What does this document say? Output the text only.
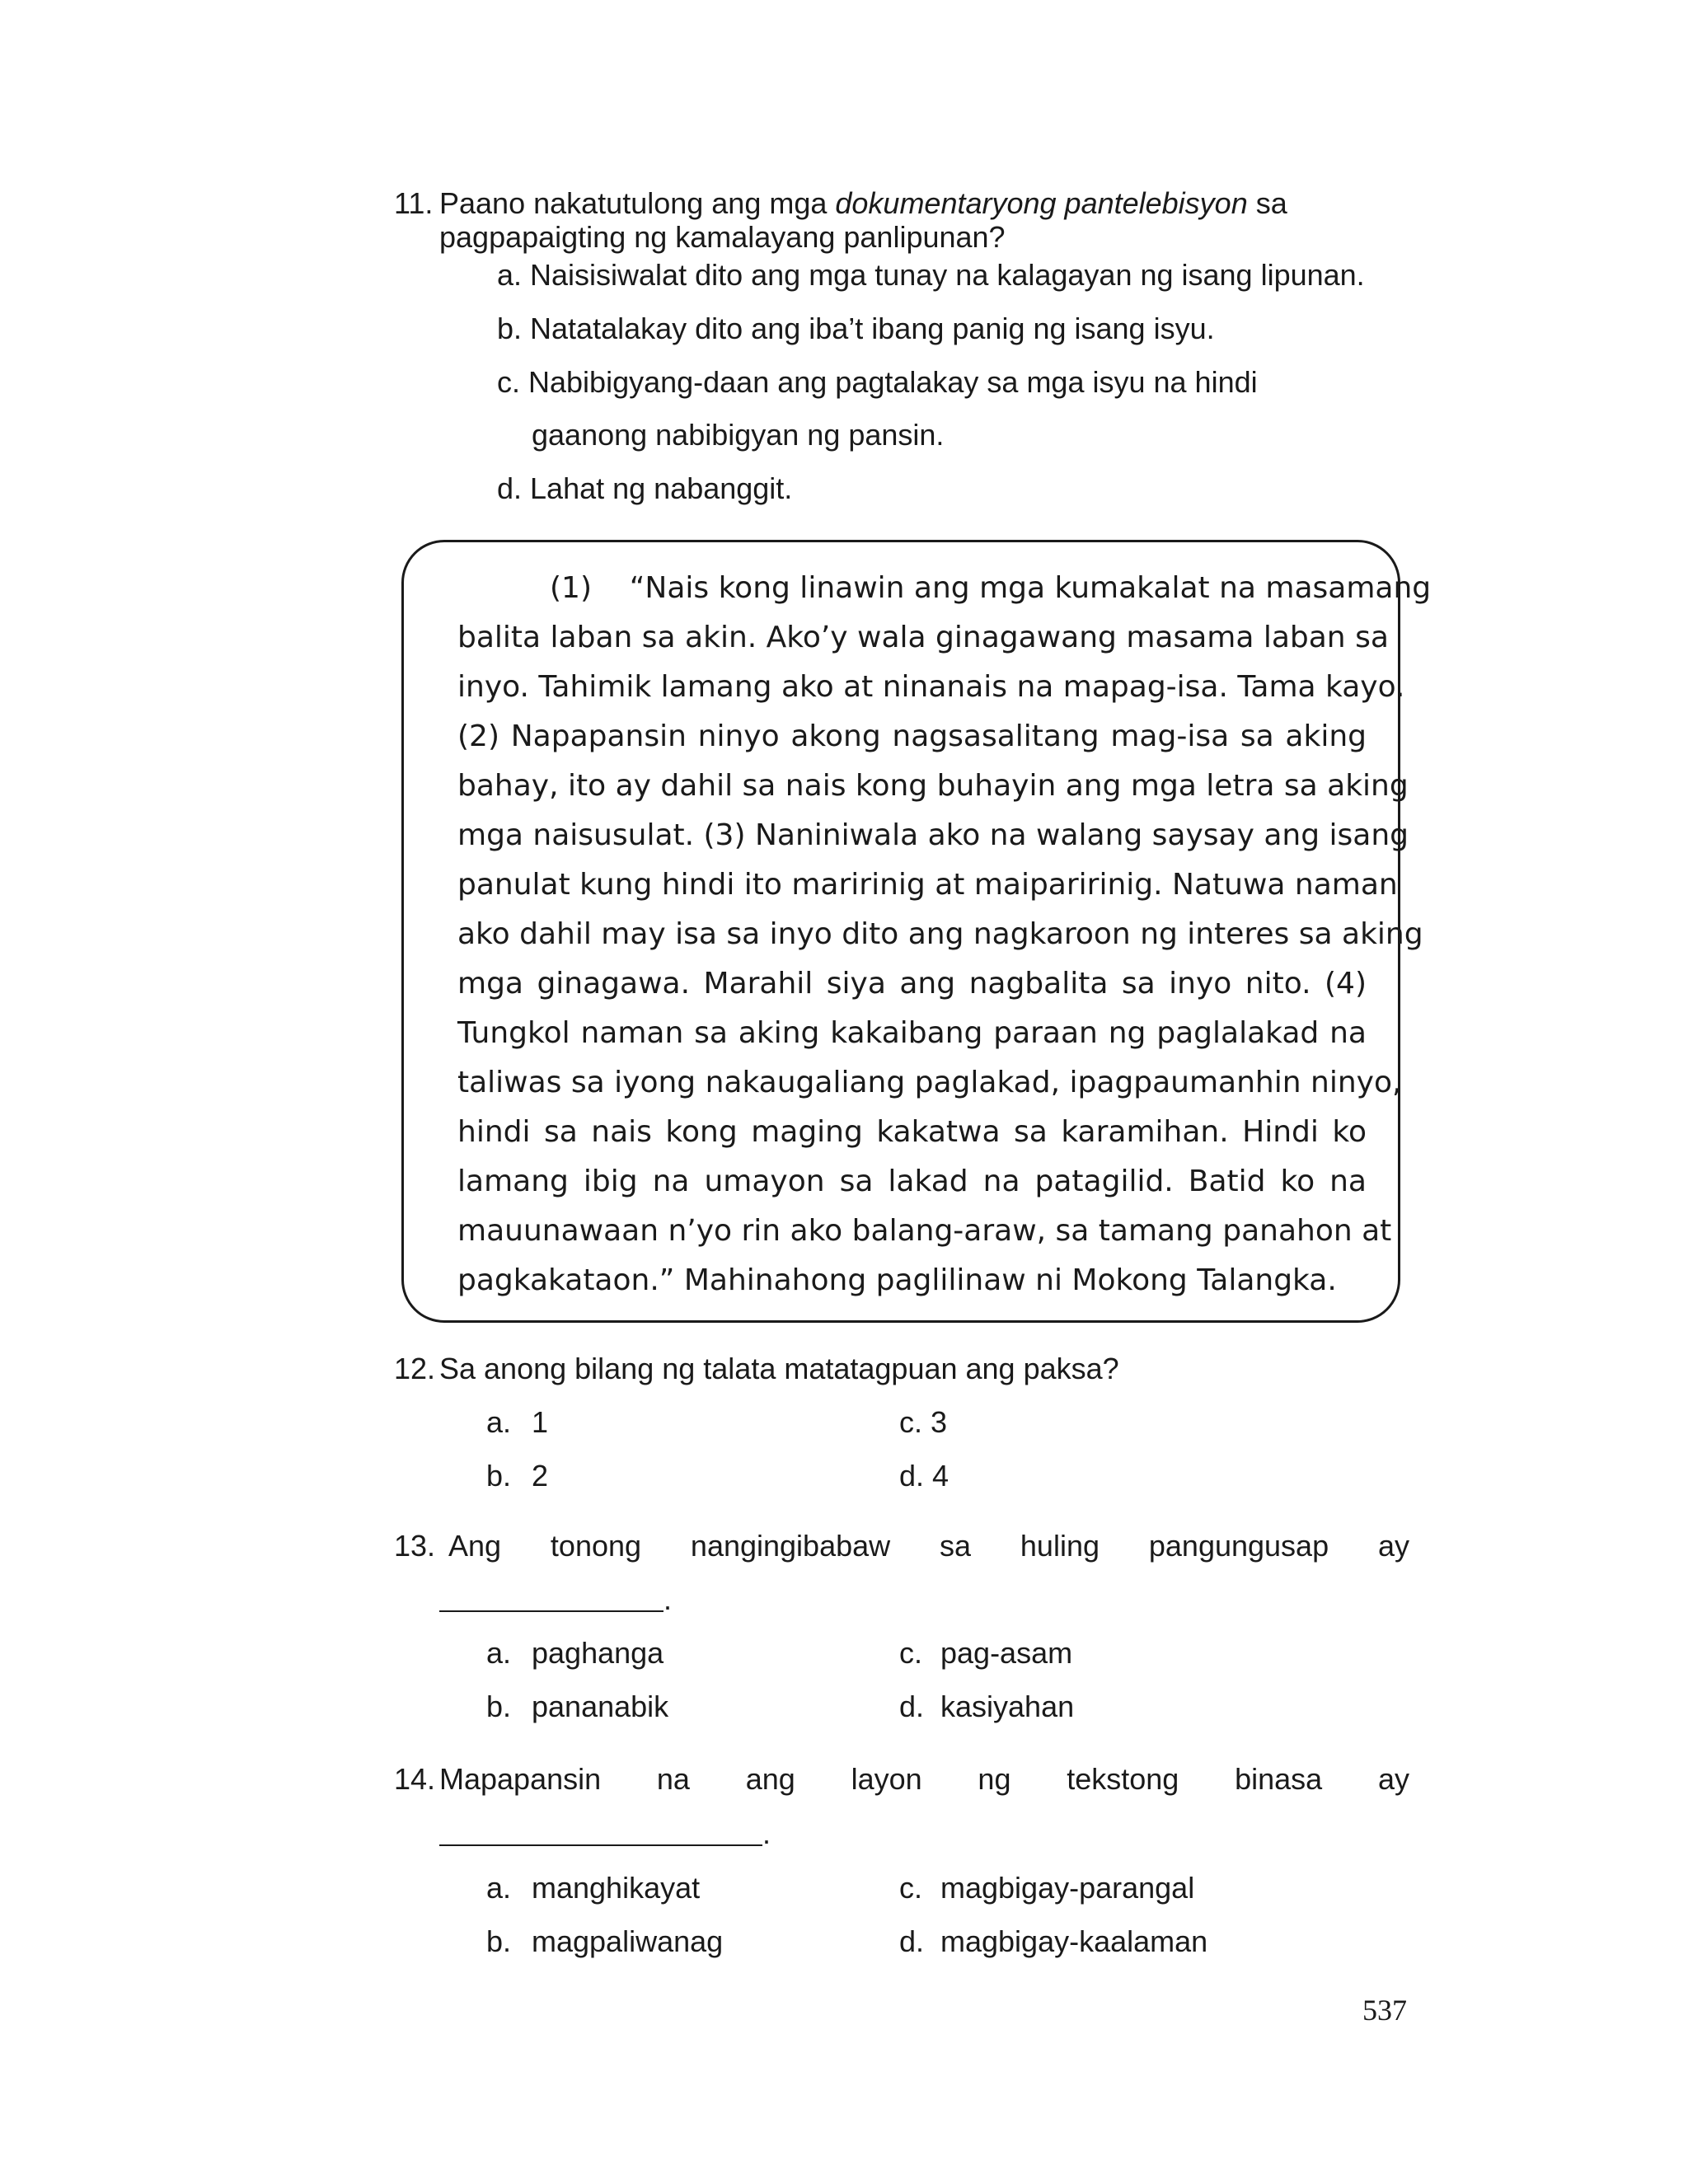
11. Paano nakatutulong ang mga dokumentaryong pantelebisyon sa
pagpapaigting ng kamalayang panlipunan?
a. Naisisiwalat dito ang mga tunay na kalagayan ng isang lipunan.
b. Natatalakay dito ang iba’t ibang panig ng isang isyu.
c. Nabibigyang-daan ang pagtalakay sa mga isyu na hindi
gaanong nabibigyan ng pansin.
d. Lahat ng nabanggit.
(1)    “Nais kong linawin ang mga kumakalat na masamang
balita laban sa akin. Ako’y wala ginagawang masama laban sa
inyo. Tahimik lamang ako at ninanais na mapag-isa. Tama kayo.
(2) Napapansin ninyo akong nagsasalitang mag-isa sa aking
bahay, ito ay dahil sa nais kong buhayin ang mga letra sa aking
mga naisusulat. (3) Naniniwala ako na walang saysay ang isang
panulat kung hindi ito maririnig at maiparirinig. Natuwa naman
ako dahil may isa sa inyo dito ang nagkaroon ng interes sa aking
mga ginagawa. Marahil siya ang nagbalita sa inyo nito. (4)
Tungkol naman sa aking kakaibang paraan ng paglalakad na
taliwas sa iyong nakaugaliang paglakad, ipagpaumanhin ninyo,
hindi sa nais kong maging kakatwa sa karamihan. Hindi ko
lamang ibig na umayon sa lakad na patagilid. Batid ko na
mauunawaan n’yo rin ako balang-araw, sa tamang panahon at
pagkakataon.” Mahinahong paglilinaw ni Mokong Talangka.
12. Sa anong bilang ng talata matatagpuan ang paksa?
a. 1
b. 2
c. 3
d. 4
13. Ang tonong nangingibabaw sa huling pangungusap ay
.
a. paghanga
b. pananabik
c. pag-asam
d. kasiyahan
14. Mapapansin na ang layon ng tekstong binasa ay
.
a. manghikayat
b. magpaliwanag
c. magbigay-parangal
d. magbigay-kaalaman
537
